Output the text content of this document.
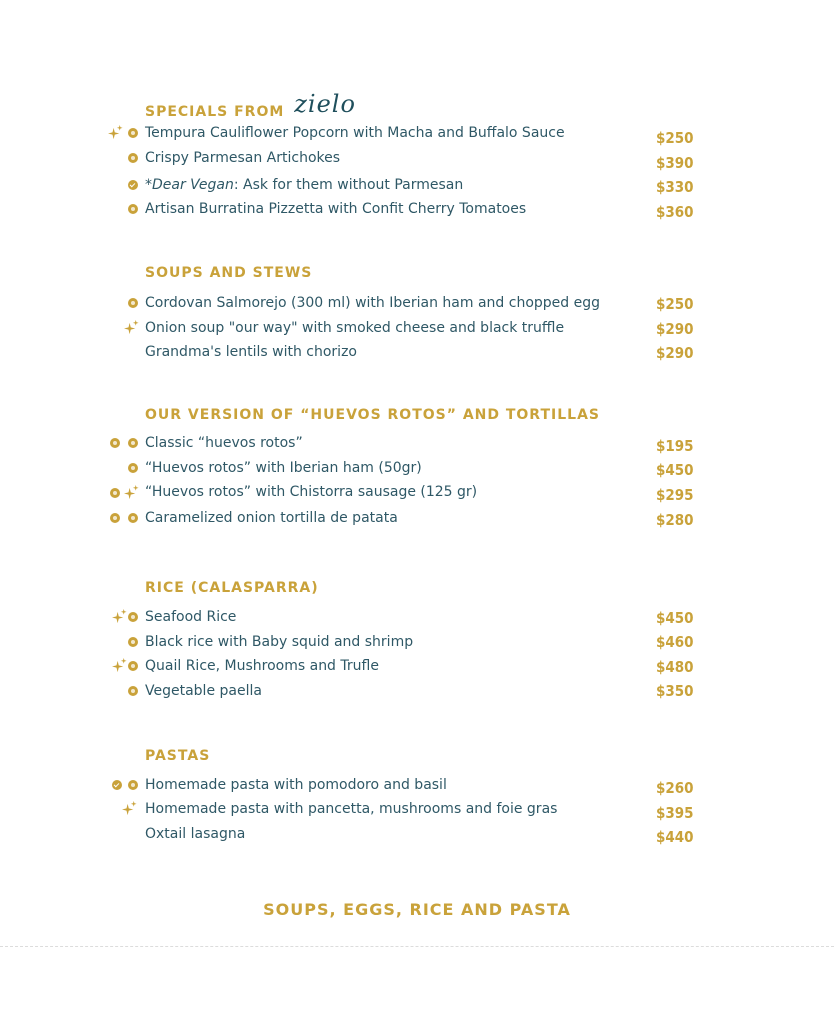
SPECIALS FROM zielo
Tempura Cauliflower Popcorn with Macha and Buffalo Sauce	$250
Crispy Parmesan Artichokes	$390
*Dear Vegan: Ask for them without Parmesan	$330
Artisan Burratina Pizzetta with Confit Cherry Tomatoes	$360
SOUPS AND STEWS
Cordovan Salmorejo (300 ml) with Iberian ham and chopped egg	$250
Onion soup "our way" with smoked cheese and black truffle	$290
Grandma's lentils with chorizo	$290
OUR VERSION OF “HUEVOS ROTOS” AND TORTILLAS
Classic “huevos rotos”	$195
“Huevos rotos” with Iberian ham (50gr)	$450
“Huevos rotos” with Chistorra sausage (125 gr)	$295
Caramelized onion tortilla de patata	$280
RICE (CALASPARRA)
Seafood Rice	$450
Black rice with Baby squid and shrimp	$460
Quail Rice, Mushrooms and Trufle	$480
Vegetable paella	$350
PASTAS
Homemade pasta with pomodoro and basil	$260
Homemade pasta with pancetta, mushrooms and foie gras	$395
Oxtail lasagna	$440
SOUPS, EGGS, RICE AND PASTA
